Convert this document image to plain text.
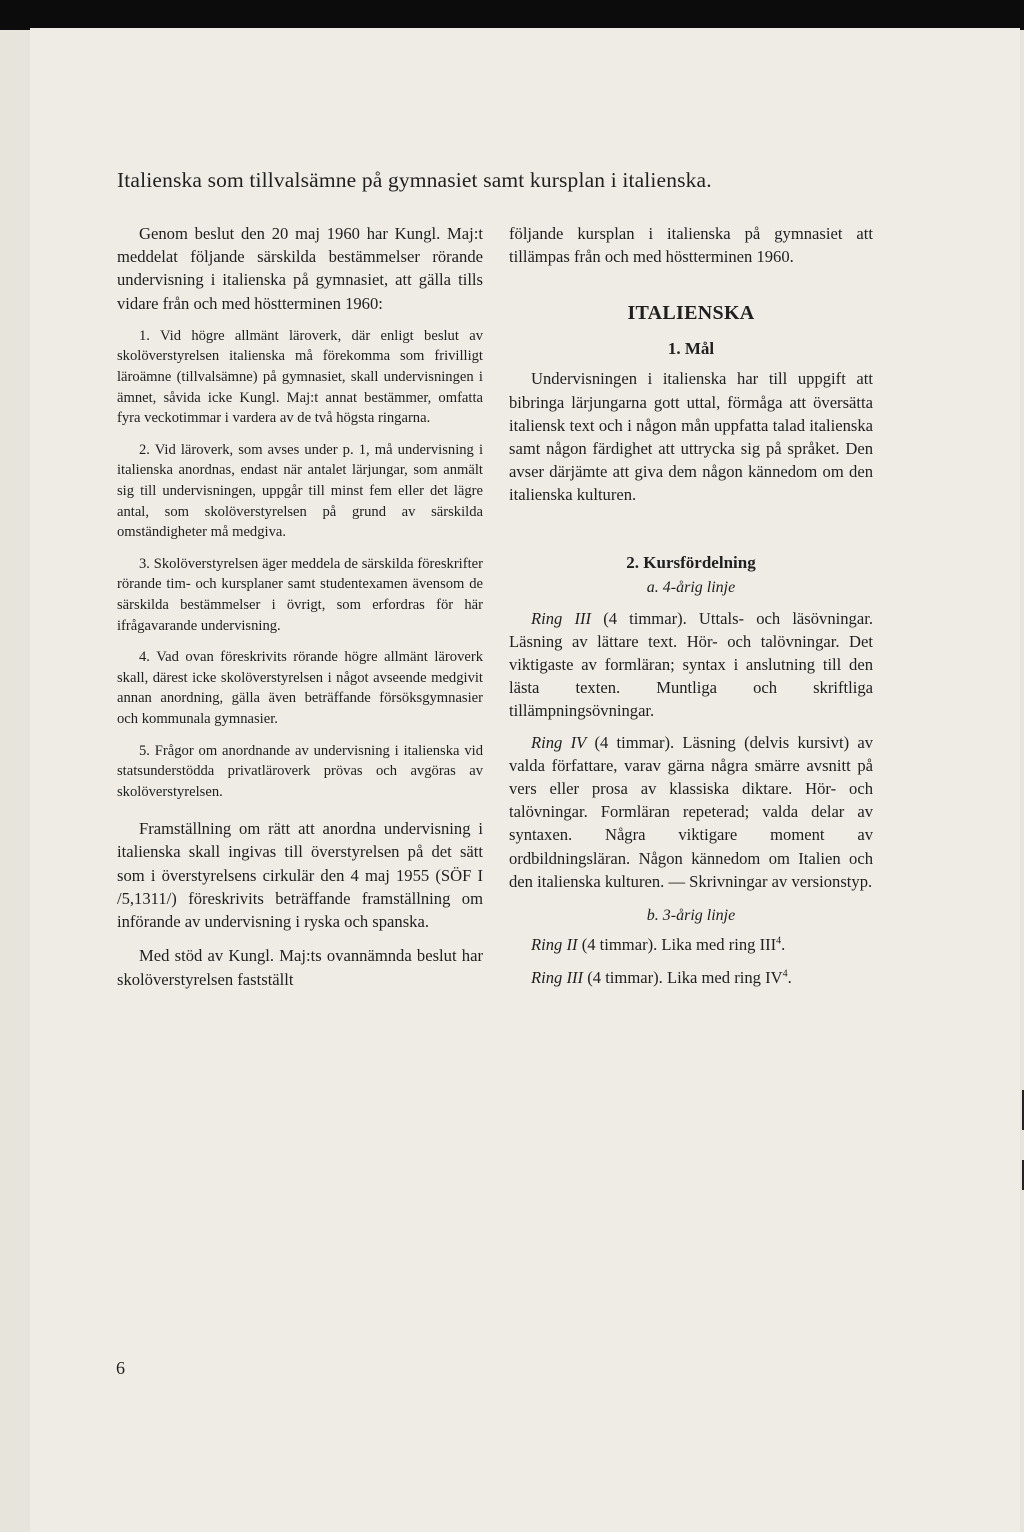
Italienska som tillvalsämne på gymnasiet samt kursplan i italienska.

Genom beslut den 20 maj 1960 har Kungl. Maj:t meddelat följande särskilda bestämmelser rörande undervisning i italienska på gymnasiet, att gälla tills vidare från och med höstterminen 1960:

1. Vid högre allmänt läroverk, där enligt beslut av skolöverstyrelsen italienska må förekomma som frivilligt läroämne (tillvalsämne) på gymnasiet, skall undervisningen i ämnet, såvida icke Kungl. Maj:t annat bestämmer, omfatta fyra veckotimmar i vardera av de två högsta ringarna.

2. Vid läroverk, som avses under p. 1, må undervisning i italienska anordnas, endast när antalet lärjungar, som anmält sig till undervisningen, uppgår till minst fem eller det lägre antal, som skolöverstyrelsen på grund av särskilda omständigheter må medgiva.

3. Skolöverstyrelsen äger meddela de särskilda föreskrifter rörande tim- och kursplaner samt studentexamen ävensom de särskilda bestämmelser i övrigt, som erfordras för här ifrågavarande undervisning.

4. Vad ovan föreskrivits rörande högre allmänt läroverk skall, därest icke skolöverstyrelsen i något avseende medgivit annan anordning, gälla även beträffande försöksgymnasier och kommunala gymnasier.

5. Frågor om anordnande av undervisning i italienska vid statsunderstödda privatläroverk prövas och avgöras av skolöverstyrelsen.

Framställning om rätt att anordna undervisning i italienska skall ingivas till överstyrelsen på det sätt som i överstyrelsens cirkulär den 4 maj 1955 (SÖF I /5,1311/) föreskrivits beträffande framställning om införande av undervisning i ryska och spanska.

Med stöd av Kungl. Maj:ts ovannämnda beslut har skolöverstyrelsen fastställt

följande kursplan i italienska på gymnasiet att tillämpas från och med höstterminen 1960.

ITALIENSKA
1. Mål

Undervisningen i italienska har till uppgift att bibringa lärjungarna gott uttal, förmåga att översätta italiensk text och i någon mån uppfatta talad italienska samt någon färdighet att uttrycka sig på språket. Den avser därjämte att giva dem någon kännedom om den italienska kulturen.

2. Kursfördelning

a. 4-årig linje

Ring III (4 timmar). Uttals- och läsövningar. Läsning av lättare text. Hör- och talövningar. Det viktigaste av formläran; syntax i anslutning till den lästa texten. Muntliga och skriftliga tillämpningsövningar.

Ring IV (4 timmar). Läsning (delvis kursivt) av valda författare, varav gärna några smärre avsnitt på vers eller prosa av klassiska diktare. Hör- och talövningar. Formläran repeterad; valda delar av syntaxen. Några viktigare moment av ordbildningsläran. Någon kännedom om Italien och den italienska kulturen. — Skrivningar av versionstyp.

b. 3-årig linje

Ring II (4 timmar). Lika med ring III$^4$.

Ring III (4 timmar). Lika med ring $IV^4$.

6
